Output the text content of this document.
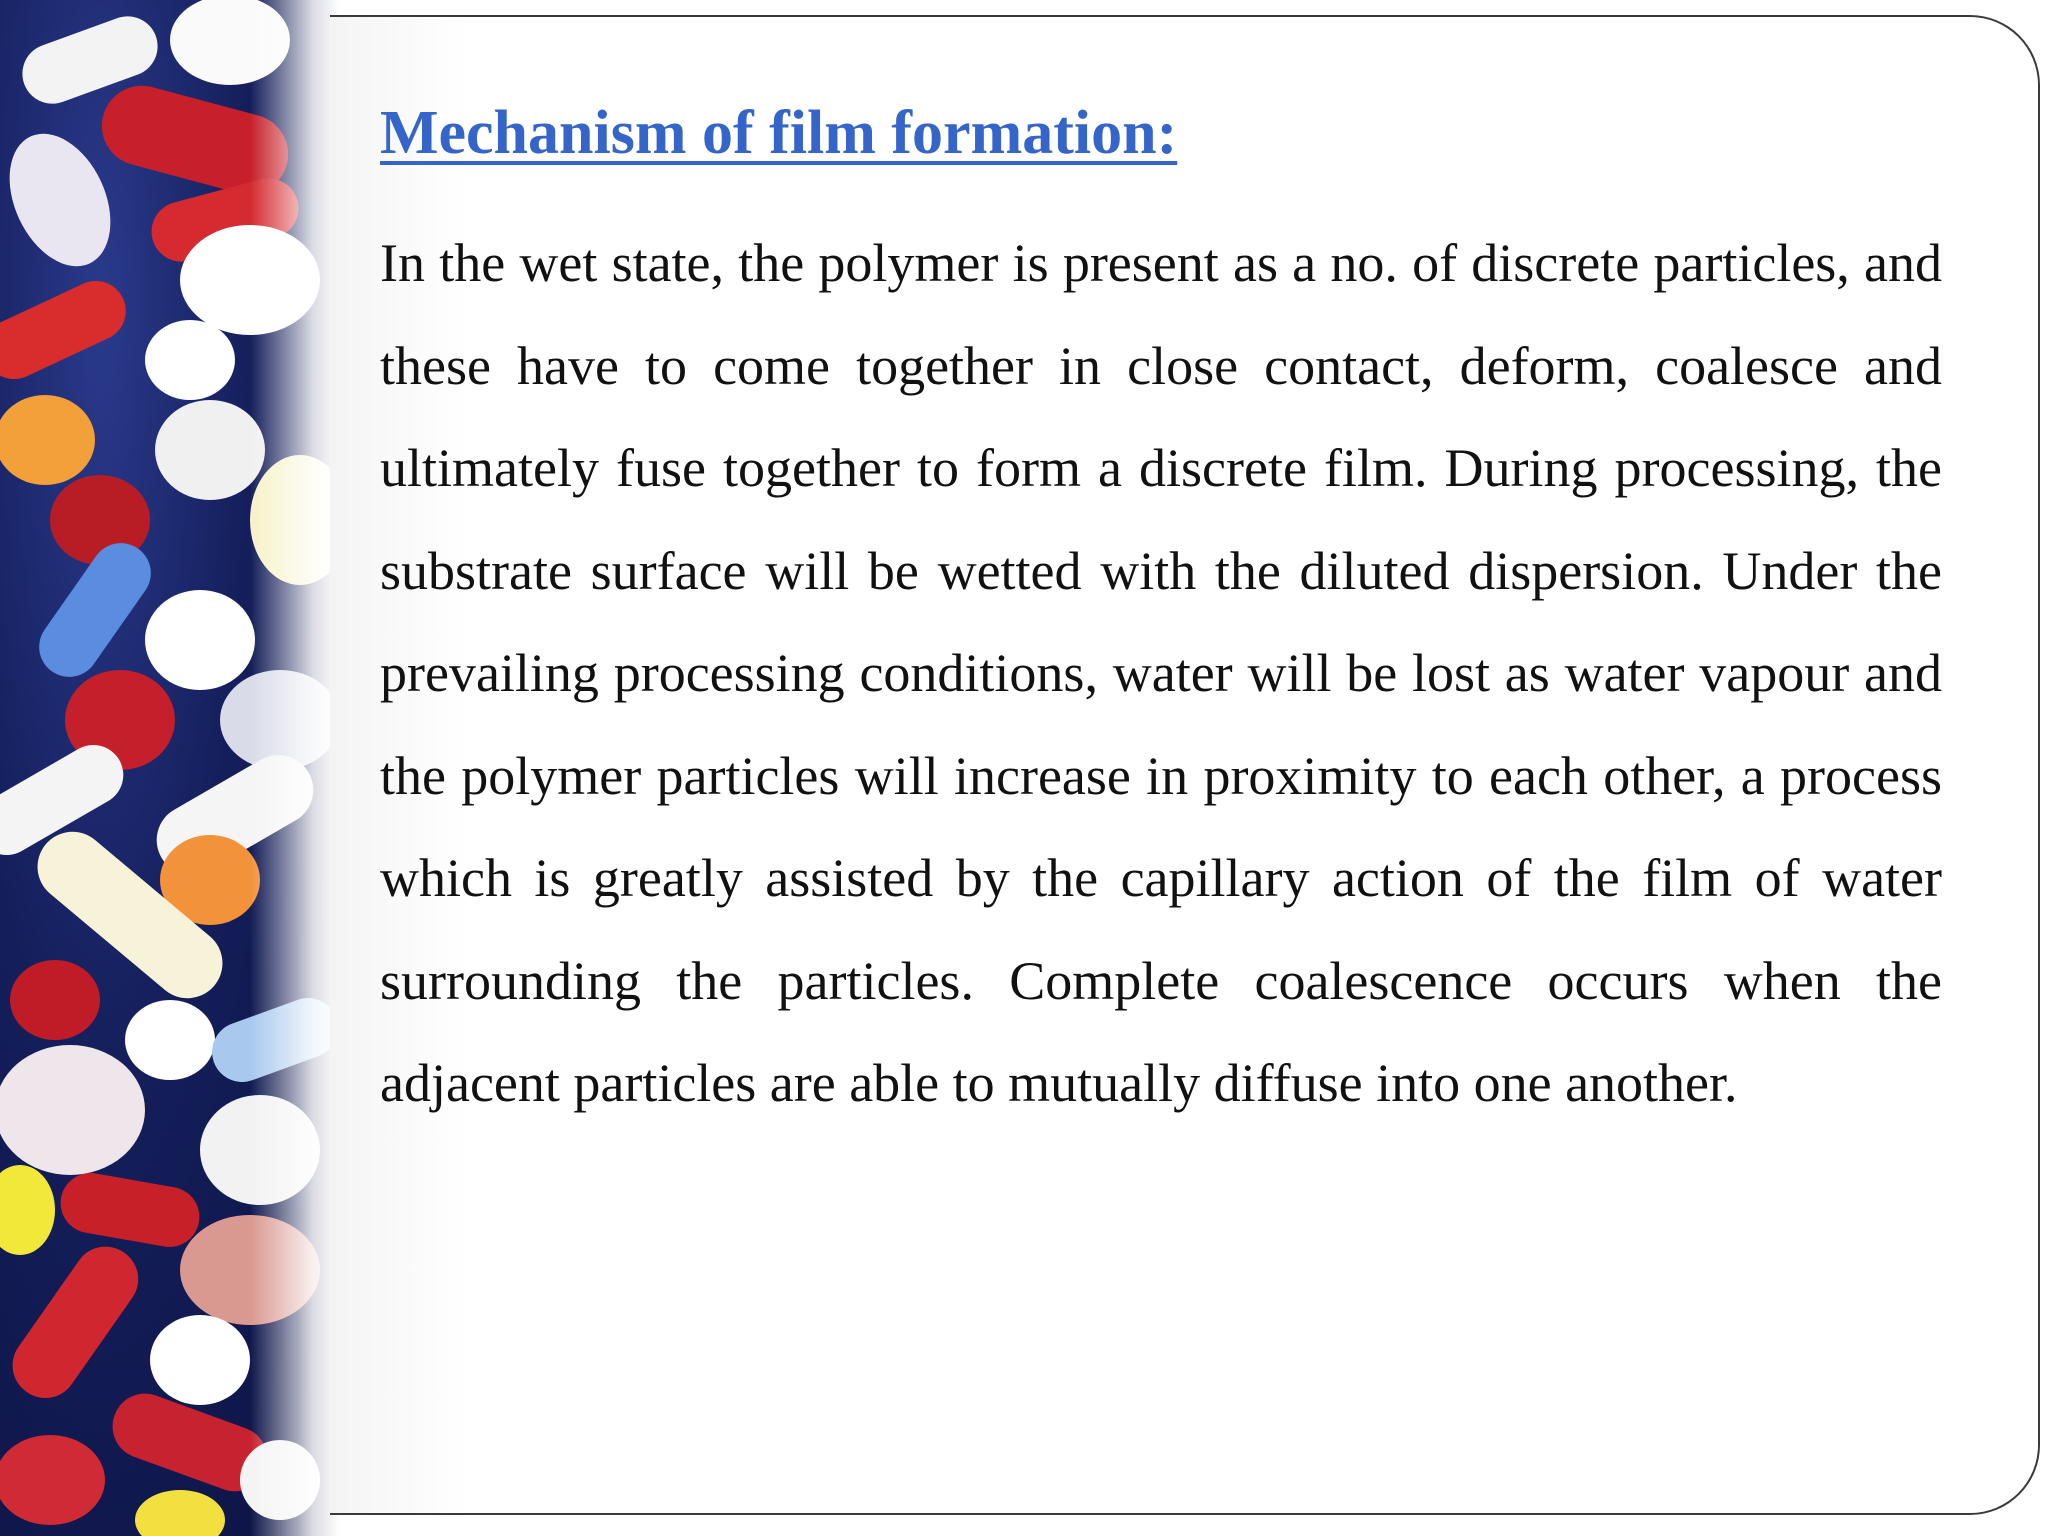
Mechanism of film formation:

In the wet state, the polymer is present as a no. of discrete particles, and these have to come together in close contact, deform, coalesce and ultimately fuse together to form a discrete film. During processing, the substrate surface will be wetted with the diluted dispersion. Under the prevailing processing conditions, water will be lost as water vapour and the polymer particles will increase in proximity to each other, a process which is greatly assisted by the capillary action of the film of water surrounding the particles. Complete coalescence occurs when the adjacent particles are able to mutually diffuse into one another.
